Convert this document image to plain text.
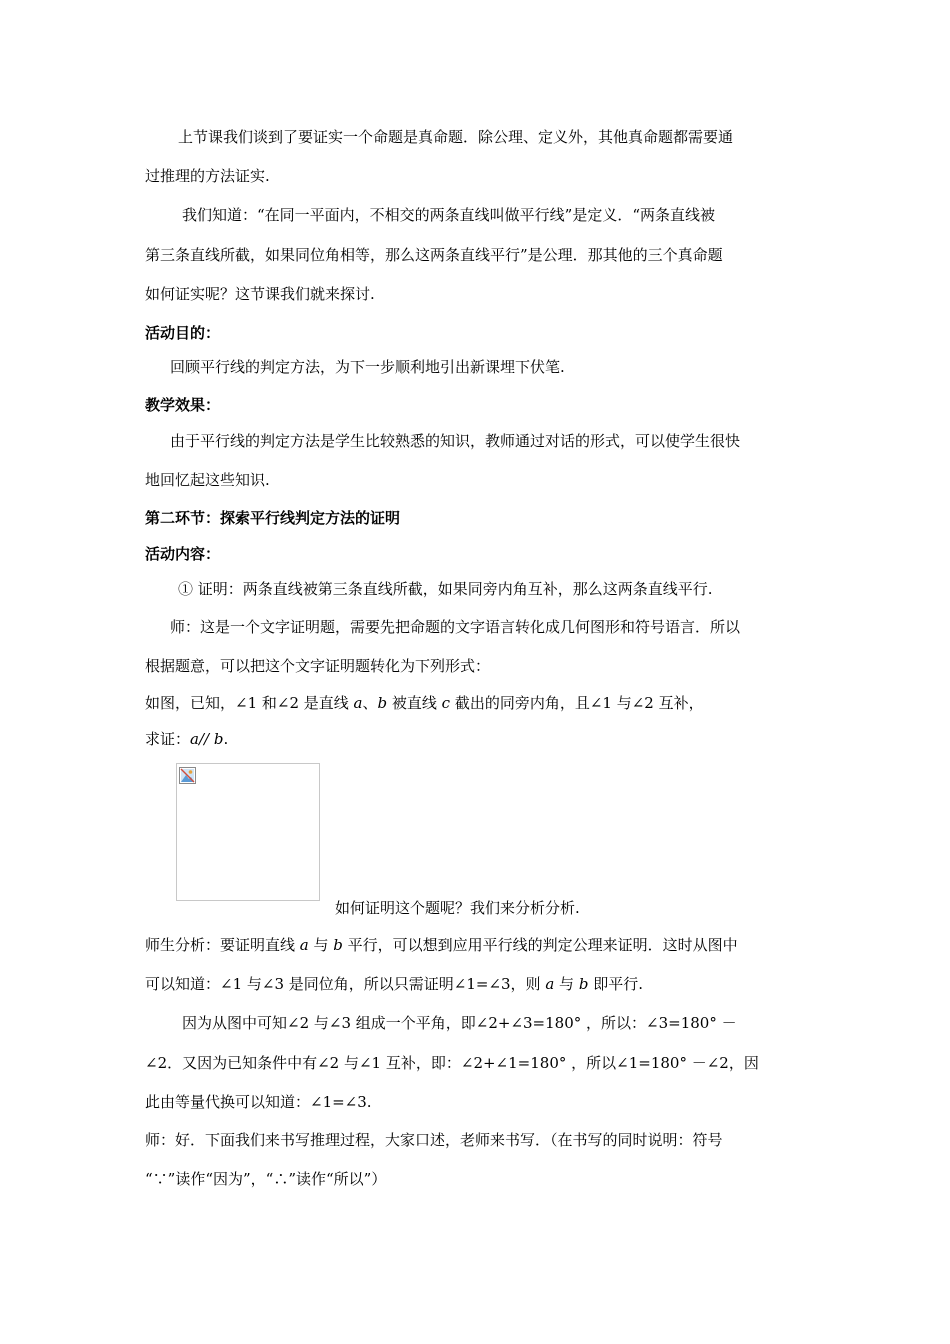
上节课我们谈到了要证实一个命题是真命题．除公理、定义外，其他真命题都需要通
过推理的方法证实.
我们知道：“在同一平面内，不相交的两条直线叫做平行线”是定义．“两条直线被
第三条直线所截，如果同位角相等，那么这两条直线平行”是公理．那其他的三个真命题
如何证实呢？这节课我们就来探讨.
活动目的：
回顾平行线的判定方法，为下一步顺利地引出新课埋下伏笔.
教学效果：
由于平行线的判定方法是学生比较熟悉的知识，教师通过对话的形式，可以使学生很快
地回忆起这些知识.
第二环节：探索平行线判定方法的证明
活动内容：
① 证明：两条直线被第三条直线所截，如果同旁内角互补，那么这两条直线平行.
师：这是一个文字证明题，需要先把命题的文字语言转化成几何图形和符号语言．所以
根据题意，可以把这个文字证明题转化为下列形式：
如图，已知，∠1 和∠2 是直线 a、b 被直线 c 截出的同旁内角，且∠1 与∠2 互补，
求证：a// b.
如何证明这个题呢？我们来分析分析.
师生分析：要证明直线 a 与 b 平行，可以想到应用平行线的判定公理来证明．这时从图中
可以知道：∠1 与∠3 是同位角，所以只需证明∠1=∠3，则 a 与 b 即平行.
因为从图中可知∠2 与∠3 组成一个平角，即∠2+∠3=180° ，所以：∠3=180° －
∠2．又因为已知条件中有∠2 与∠1 互补，即：∠2+∠1=180° ，所以∠1=180° －∠2，因
此由等量代换可以知道：∠1=∠3.
师：好．下面我们来书写推理过程，大家口述，老师来书写．（在书写的同时说明：符号
“∵”读作“因为”，“∴”读作“所以”）
